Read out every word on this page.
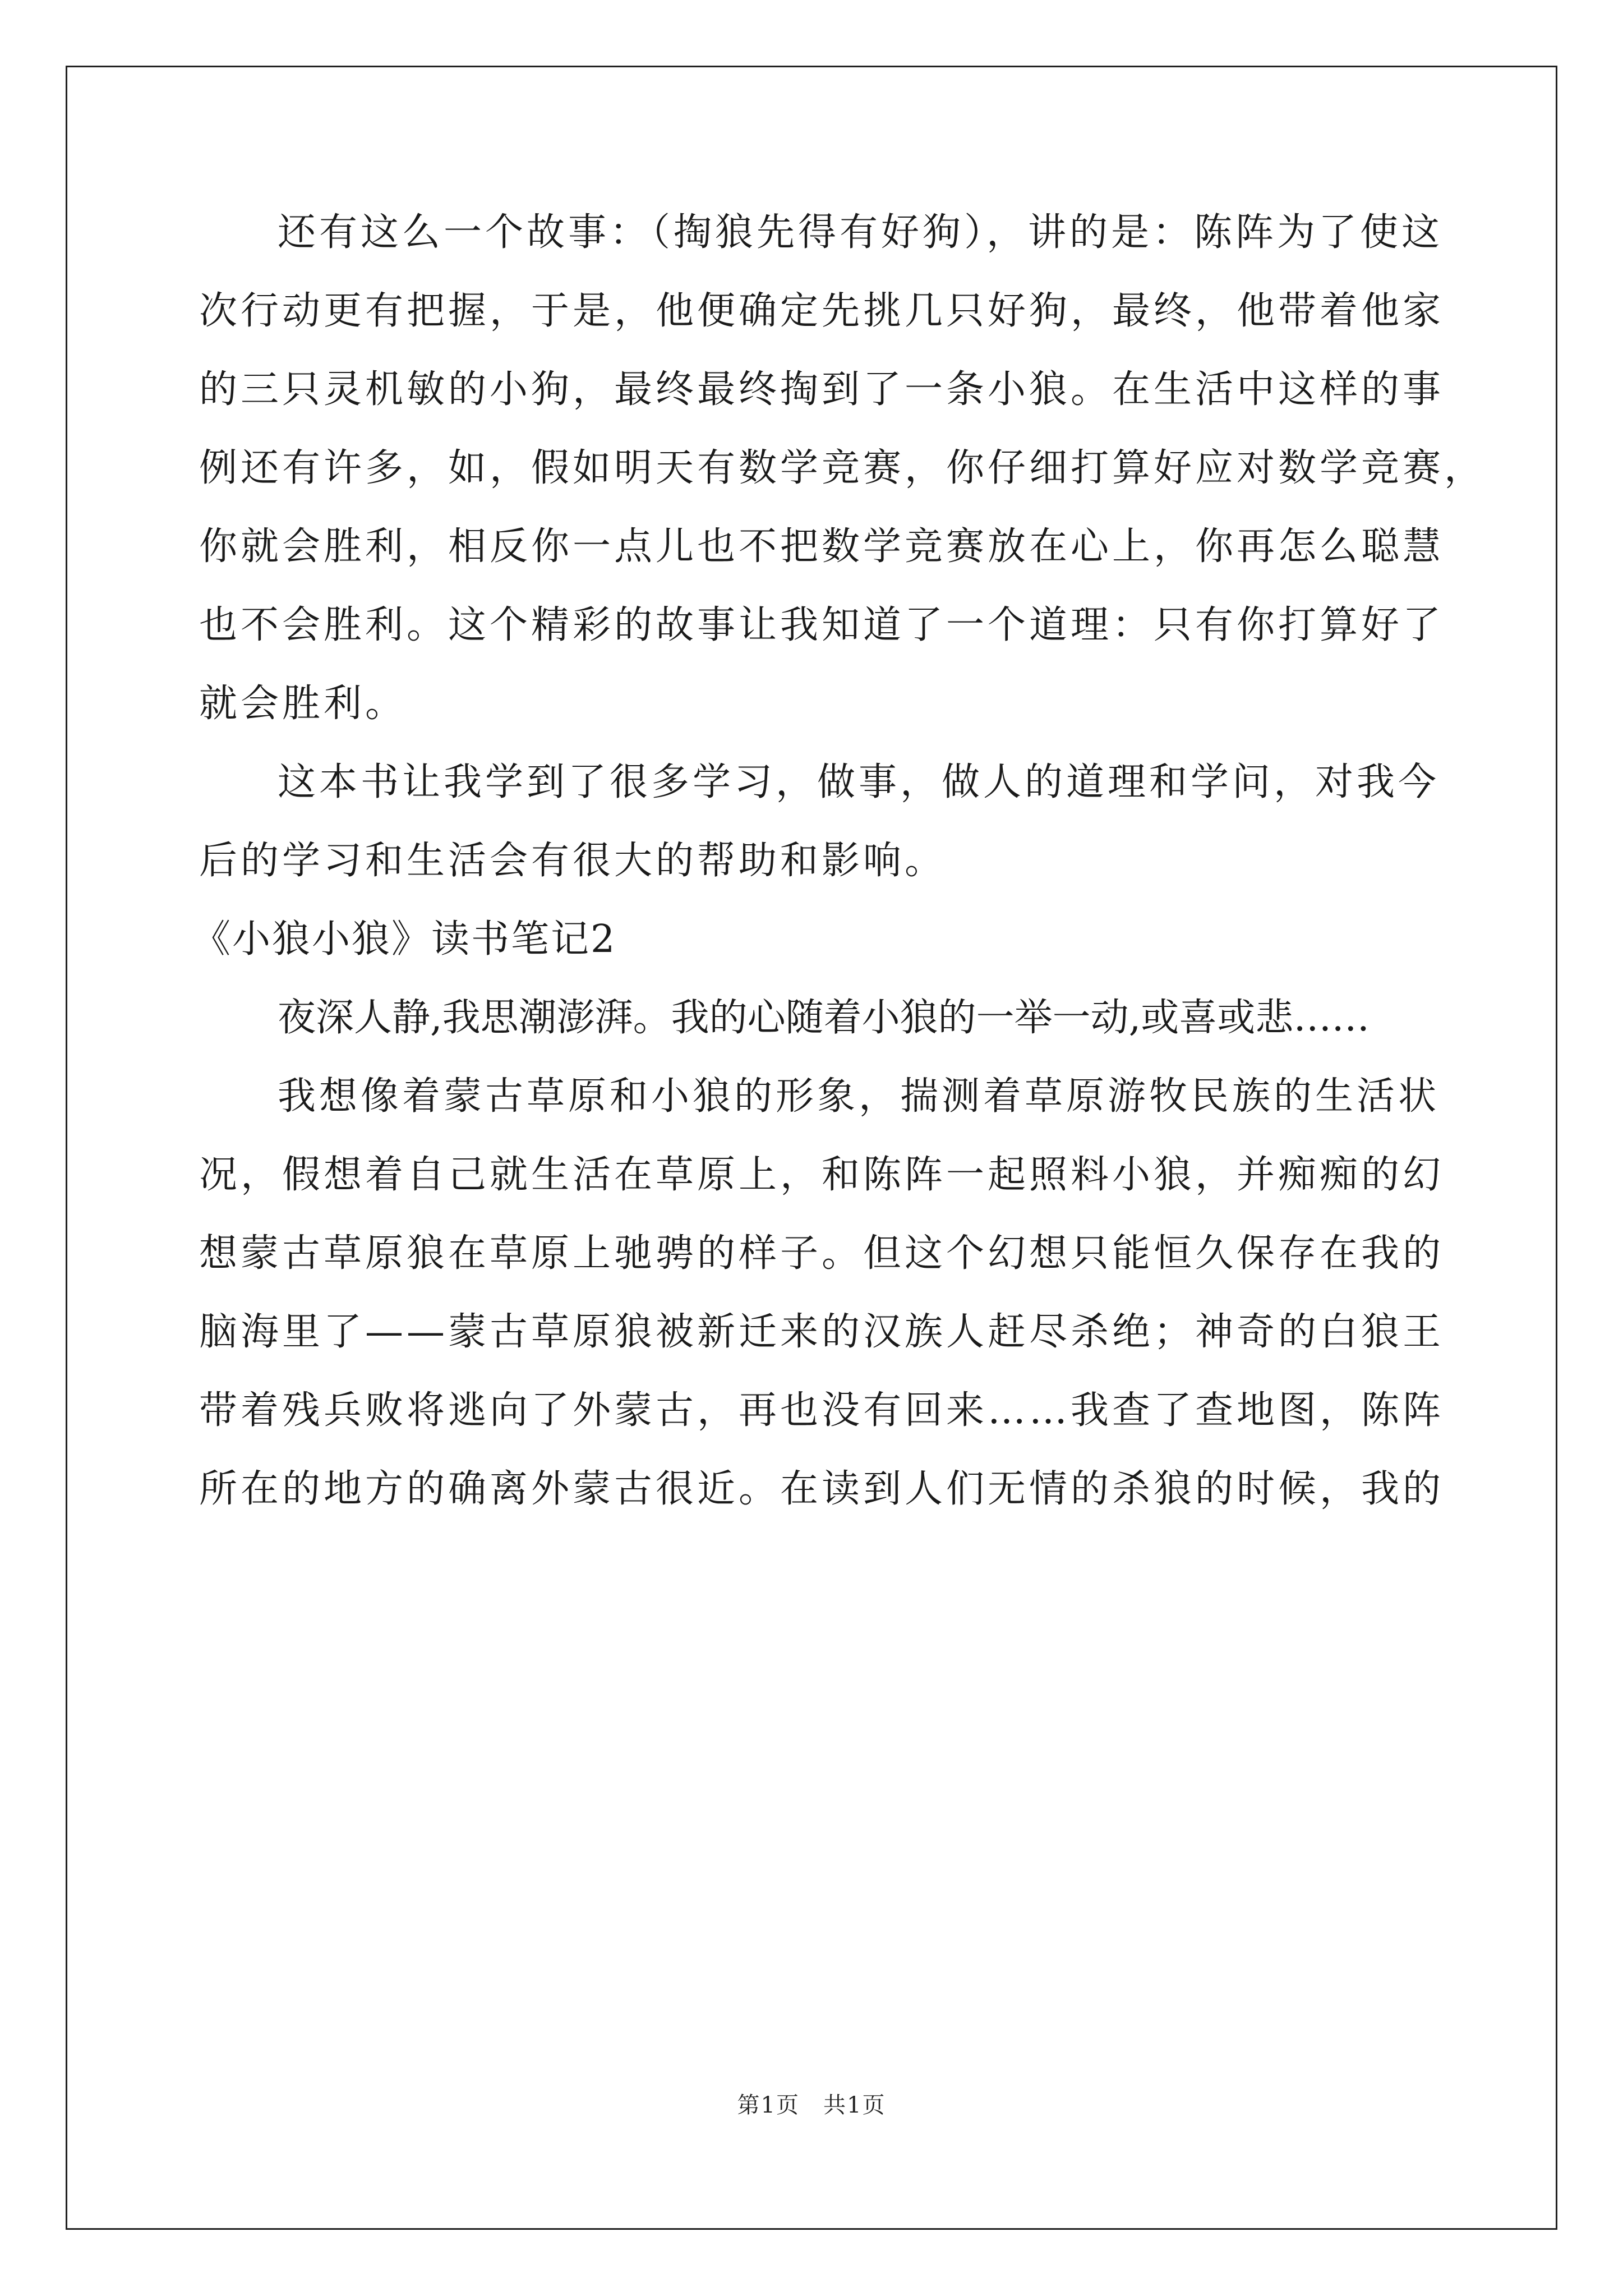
还有这么一个故事：（掏狼先得有好狗），讲的是：陈阵为了使这
次行动更有把握，于是，他便确定先挑几只好狗，最终，他带着他家
的三只灵机敏的小狗，最终最终掏到了一条小狼。在生活中这样的事
例还有许多，如，假如明天有数学竞赛，你仔细打算好应对数学竞赛，
你就会胜利，相反你一点儿也不把数学竞赛放在心上，你再怎么聪慧
也不会胜利。这个精彩的故事让我知道了一个道理：只有你打算好了
就会胜利。
这本书让我学到了很多学习，做事，做人的道理和学问，对我今
后的学习和生活会有很大的帮助和影响。
《小狼小狼》读书笔记2
夜深人静,我思潮澎湃。我的心随着小狼的一举一动,或喜或悲……
我想像着蒙古草原和小狼的形象，揣测着草原游牧民族的生活状
况，假想着自己就生活在草原上，和陈阵一起照料小狼，并痴痴的幻
想蒙古草原狼在草原上驰骋的样子。但这个幻想只能恒久保存在我的
脑海里了——蒙古草原狼被新迁来的汉族人赶尽杀绝；神奇的白狼王
带着残兵败将逃向了外蒙古，再也没有回来……我查了查地图，陈阵
所在的地方的确离外蒙古很近。在读到人们无情的杀狼的时候，我的
第1页　共1页
